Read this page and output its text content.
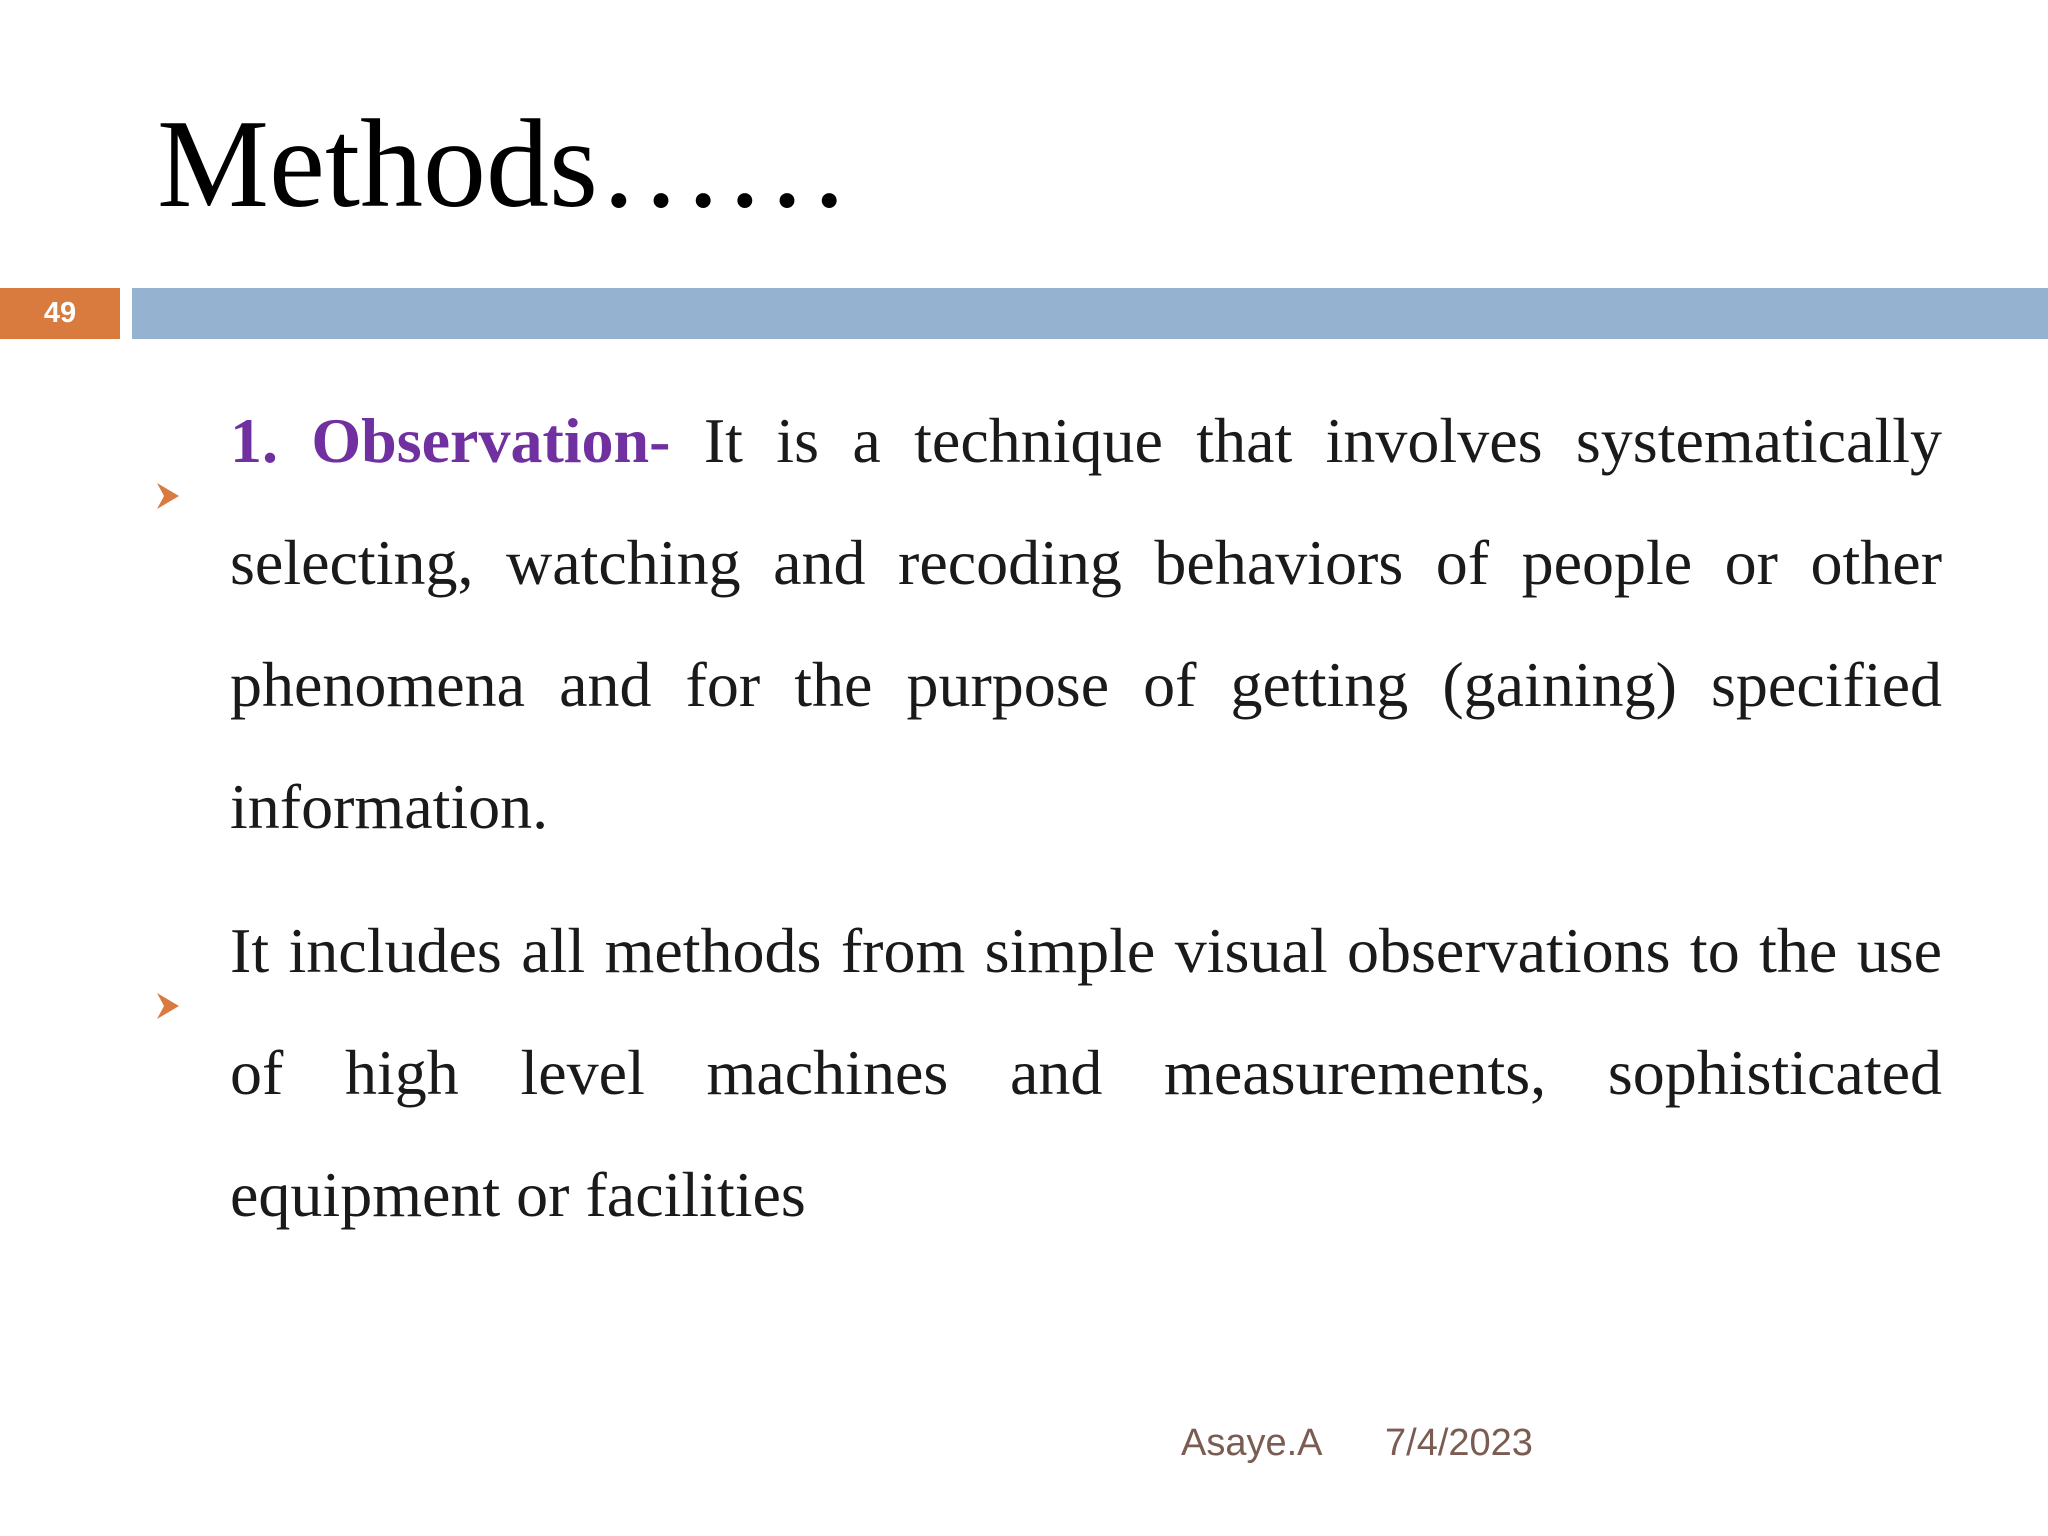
Methods……
49

1. Observation- It is a technique that involves systematically selecting, watching and recoding behaviors of people or other phenomena and for the purpose of getting (gaining) specified information.

It includes all methods from simple visual observations to the use of high level machines and measurements, sophisticated equipment or facilities

Asaye.A 7/4/2023
